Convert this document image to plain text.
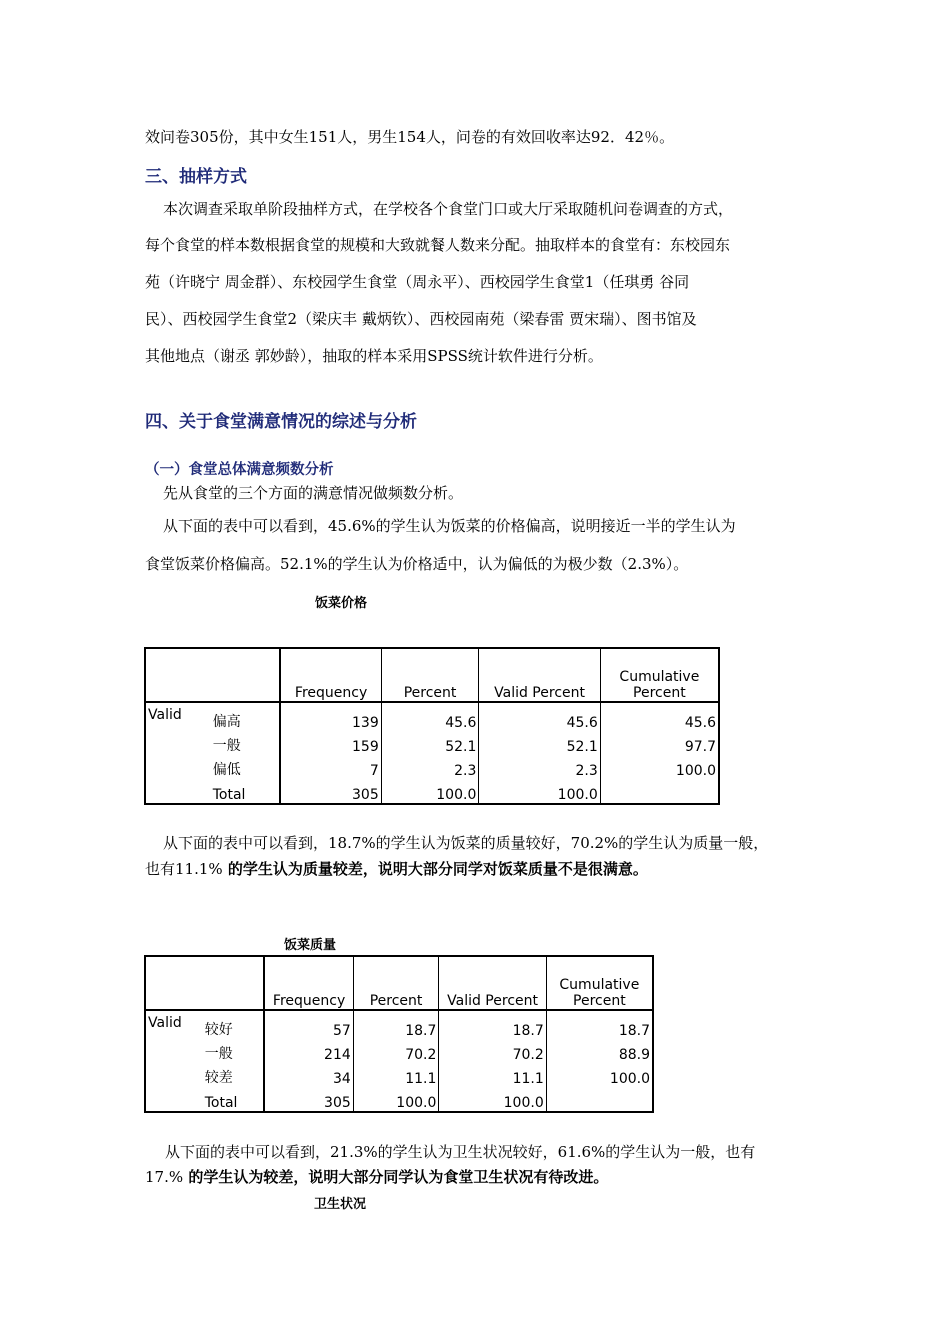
效问卷305份，其中女生151人，男生154人，问卷的有效回收率达92．42％。
三、抽样方式
本次调查采取单阶段抽样方式，在学校各个食堂门口或大厅采取随机问卷调查的方式，
每个食堂的样本数根据食堂的规模和大致就餐人数来分配。抽取样本的食堂有：东校园东
苑（许晓宁 周金群）、东校园学生食堂（周永平）、西校园学生食堂1（任琪勇 谷同
民）、西校园学生食堂2（梁庆丰 戴炳钦）、西校园南苑（梁春雷 贾宋瑞）、图书馆及
其他地点（谢丞 郭妙龄），抽取的样本采用SPSS统计软件进行分析。
四、关于食堂满意情况的综述与分析
（一）食堂总体满意频数分析
先从食堂的三个方面的满意情况做频数分析。
从下面的表中可以看到，45.6%的学生认为饭菜的价格偏高，说明接近一半的学生认为
食堂饭菜价格偏高。52.1%的学生认为价格适中，认为偏低的为极少数（2.3%）。
饭菜价格
		Frequency	Percent	Valid Percent	Cumulative
Percent
Valid	偏高	139	45.6	45.6	45.6
	一般	159	52.1	52.1	97.7
	偏低	7	2.3	2.3	100.0
	Total	305	100.0	100.0	
从下面的表中可以看到，18.7%的学生认为饭菜的质量较好，70.2%的学生认为质量一般，
也有11.1% 的学生认为质量较差，说明大部分同学对饭菜质量不是很满意。
饭菜质量
		Frequency	Percent	Valid Percent	Cumulative
Percent
Valid	较好	57	18.7	18.7	18.7
	一般	214	70.2	70.2	88.9
	较差	34	11.1	11.1	100.0
	Total	305	100.0	100.0	
从下面的表中可以看到，21.3%的学生认为卫生状况较好，61.6%的学生认为一般，也有
17.% 的学生认为较差，说明大部分同学认为食堂卫生状况有待改进。
卫生状况
